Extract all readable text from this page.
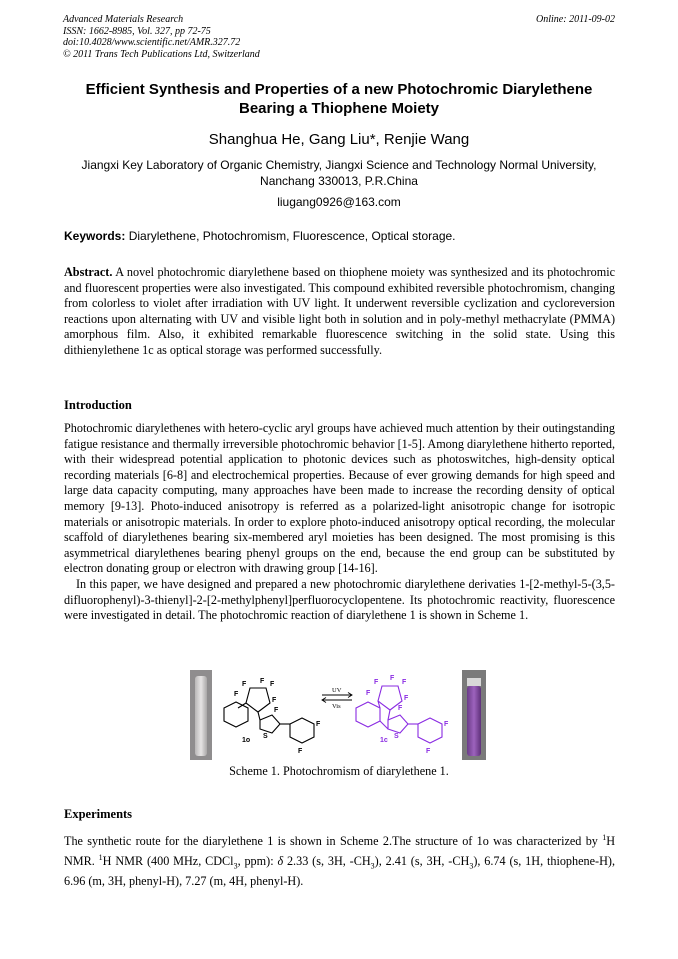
Advanced Materials Research
ISSN: 1662-8985, Vol. 327, pp 72-75
doi:10.4028/www.scientific.net/AMR.327.72
© 2011 Trans Tech Publications Ltd, Switzerland
Online: 2011-09-02
Efficient Synthesis and Properties of a new Photochromic Diarylethene
Bearing a Thiophene Moiety
Shanghua He, Gang Liu*, Renjie Wang
Jiangxi Key Laboratory of Organic Chemistry, Jiangxi Science and Technology Normal University,
Nanchang 330013, P.R.China
liugang0926@163.com
Keywords: Diarylethene, Photochromism, Fluorescence, Optical storage.
Abstract. A novel photochromic diarylethene based on thiophene moiety was synthesized and its photochromic and fluorescent properties were also investigated. This compound exhibited reversible photochromism, changing from colorless to violet after irradiation with UV light. It underwent reversible cyclization and cycloreversion reactions upon alternating with UV and visible light both in solution and in poly-methyl methacrylate (PMMA) amorphous film. Also, it exhibited remarkable fluorescence switching in the solid state. Using this dithienylethene 1c as optical storage was performed successfully.
Introduction

Photochromic diarylethenes with hetero-cyclic aryl groups have achieved much attention by their outingstanding fatigue resistance and thermally irreversible photochromic behavior [1-5]. Among diarylethene hitherto reported, with their widespread potential application to photonic devices such as photoswitches, high-density optical recording materials [6-8] and electrochemical properties. Because of ever growing demands for high speed and large data capacity computing, many approaches have been made to increase the recording density of optical memory [9-13]. Photo-induced anisotropy is referred as a polarized-light anisotropic change for isotropic materials or anisotropic materials. In order to explore photo-induced anisotropy optical recording, the molecular scaffold of diarylethenes bearing six-membered aryl moieties has been designed. The most promising is this asymmetrical diarylethenes bearing phenyl groups on the end, because the end group can be substituted by electron donating group or electron with drawing group [14-16].

In this paper, we have designed and prepared a new photochromic diarylethene derivaties 1-[2-methyl-5-(3,5-difluorophenyl)-3-thienyl]-2-[2-methylphenyl]perfluorocyclopentene. Its photochromic reactivity, fluorescence were investigated in detail. The photochromic reaction of diarylethene 1 is shown in Scheme 1.

F F F
F
F
F
S
F
F
1o
UV
Vis
F
F
F
F
F
F
S
F
F
1c
Scheme 1. Photochromism of diarylethene 1.
Experiments
The synthetic route for the diarylethene 1 is shown in Scheme 2.The structure of 1o was characterized by $^1$H NMR. $^1$H NMR (400 MHz, CDCl$_3$, ppm): δ 2.33 (s, 3H, $-CH_3$), 2.41 (s, 3H, $-CH_3$), 6.74 (s, 1H, thiophene-H), 6.96 (m, 3H, phenyl-H), 7.27 (m, 4H, phenyl-H).
